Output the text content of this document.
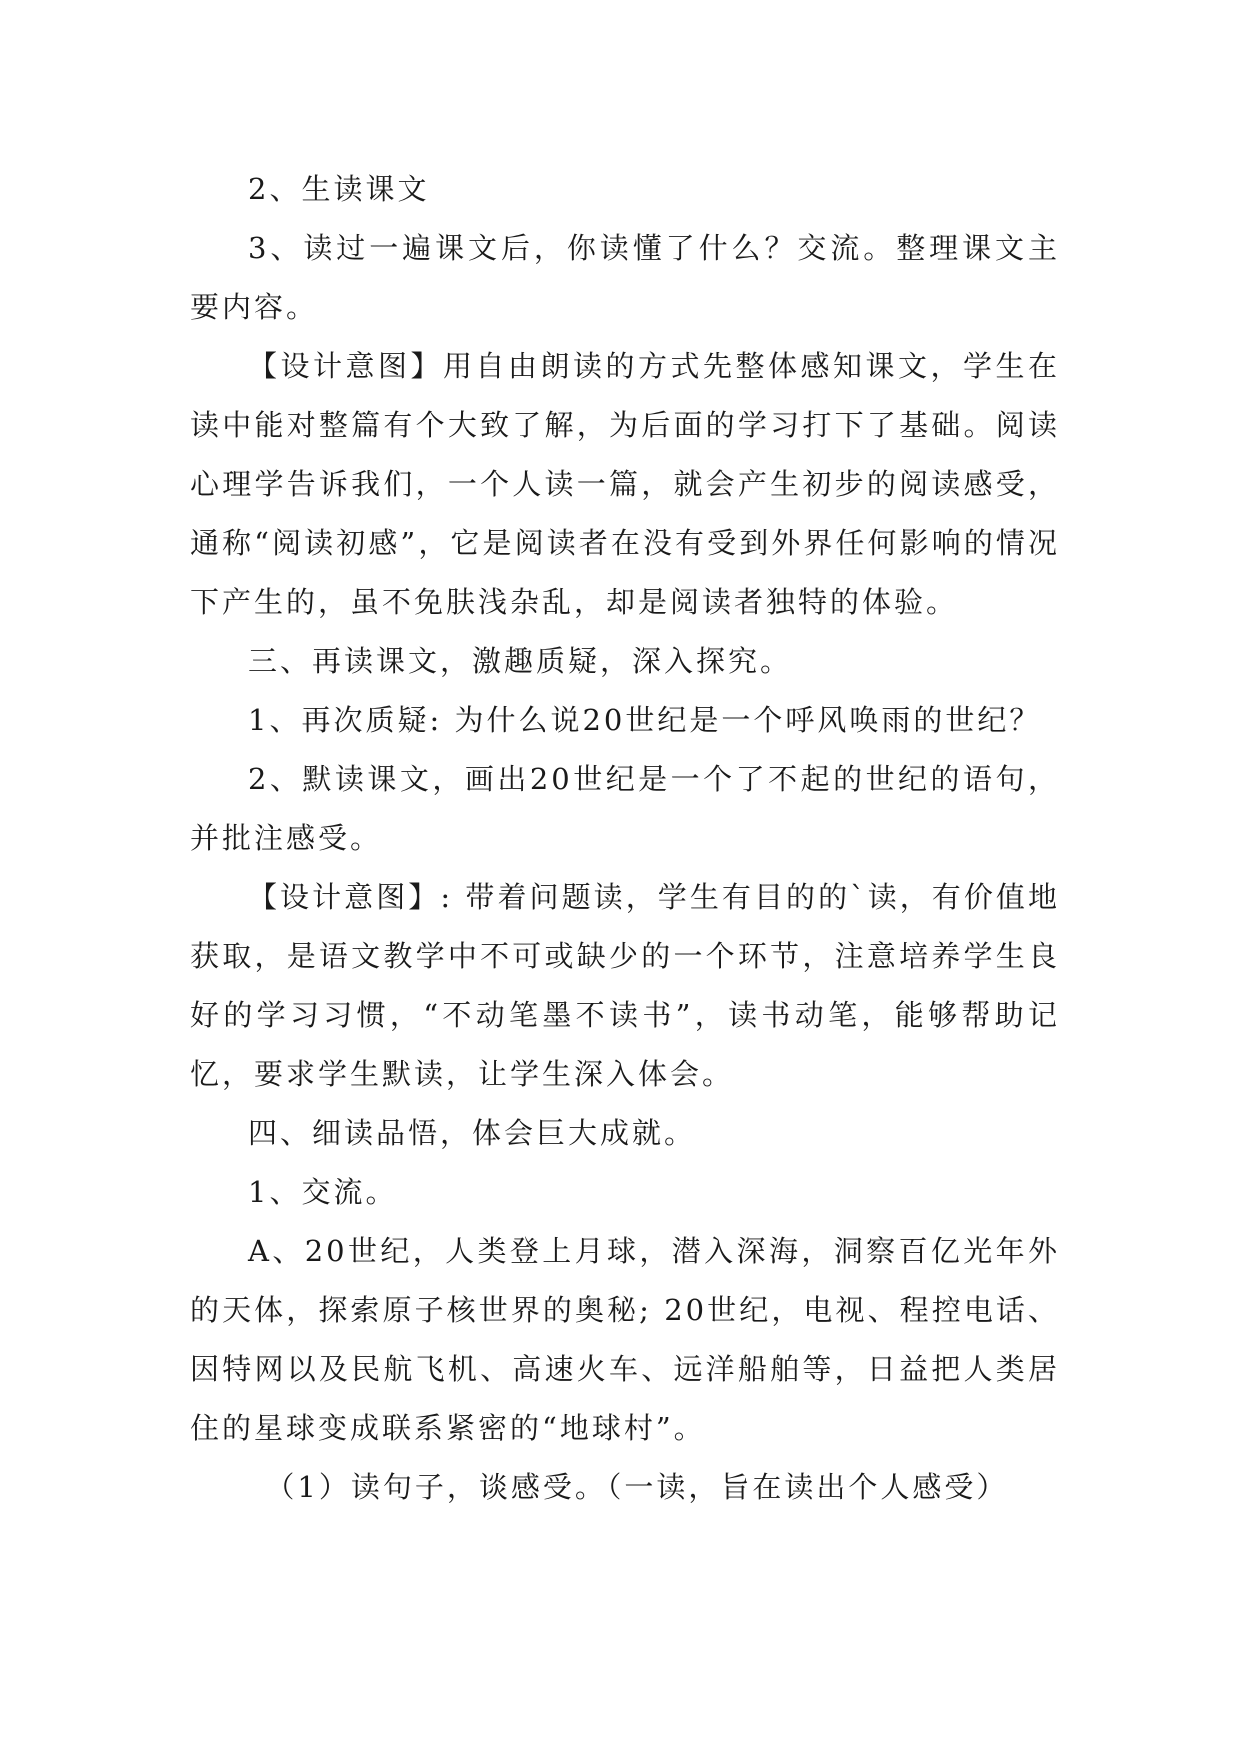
2、生读课文

3、读过一遍课文后，你读懂了什么？交流。整理课文主要内容。

【设计意图】用自由朗读的方式先整体感知课文，学生在读中能对整篇有个大致了解，为后面的学习打下了基础。阅读心理学告诉我们，一个人读一篇，就会产生初步的阅读感受，通称“阅读初感”，它是阅读者在没有受到外界任何影响的情况下产生的，虽不免肤浅杂乱，却是阅读者独特的体验。

三、再读课文，激趣质疑，深入探究。

1、再次质疑: 为什么说20世纪是一个呼风唤雨的世纪？

2、默读课文，画出20世纪是一个了不起的世纪的语句，并批注感受。

【设计意图】: 带着问题读，学生有目的的`读，有价值地获取，是语文教学中不可或缺少的一个环节，注意培养学生良好的学习习惯，“不动笔墨不读书”，读书动笔，能够帮助记忆，要求学生默读，让学生深入体会。

四、细读品悟，体会巨大成就。

1、交流。

A、20世纪，人类登上月球，潜入深海，洞察百亿光年外的天体，探索原子核世界的奥秘; 20世纪，电视、程控电话、因特网以及民航飞机、高速火车、远洋船舶等，日益把人类居住的星球变成联系紧密的“地球村”。

（1）读句子，谈感受。（一读，旨在读出个人感受）
